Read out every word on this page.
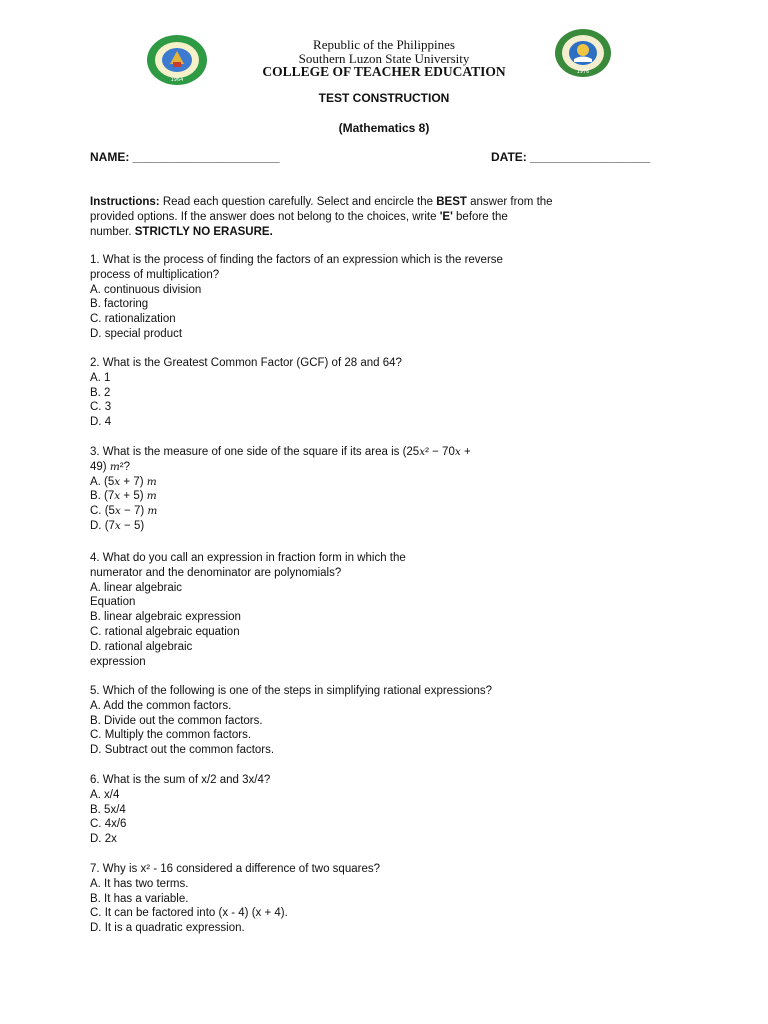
1964
1976
Republic of the Philippines
Southern Luzon State University
COLLEGE OF TEACHER EDUCATION
TEST CONSTRUCTION
(Mathematics 8)
NAME: ______________________	DATE: __________________
Instructions: Read each question carefully. Select and encircle the BEST answer from the
provided options. If the answer does not belong to the choices, write 'E' before the
number. STRICTLY NO ERASURE.
1. What is the process of finding the factors of an expression which is the reverse
process of multiplication?
A. continuous division
B. factoring
C. rationalization
D. special product
2. What is the Greatest Common Factor (GCF) of 28 and 64?
A. 1
B. 2
C. 3
D. 4
3. What is the measure of one side of the square if its area is (25x² − 70x +
49) m²?
A. (5x + 7) m
B. (7x + 5) m
C. (5x − 7) m
D. (7x − 5)
4. What do you call an expression in fraction form in which the
numerator and the denominator are polynomials?
A. linear algebraic
Equation
B. linear algebraic expression
C. rational algebraic equation
D. rational algebraic
expression
5. Which of the following is one of the steps in simplifying rational expressions?
A. Add the common factors.
B. Divide out the common factors.
C. Multiply the common factors.
D. Subtract out the common factors.
6. What is the sum of x/2 and 3x/4?
A. x/4
B. 5x/4
C. 4x/6
D. 2x
7. Why is x² - 16 considered a difference of two squares?
A. It has two terms.
B. It has a variable.
C. It can be factored into (x - 4) (x + 4).
D. It is a quadratic expression.
